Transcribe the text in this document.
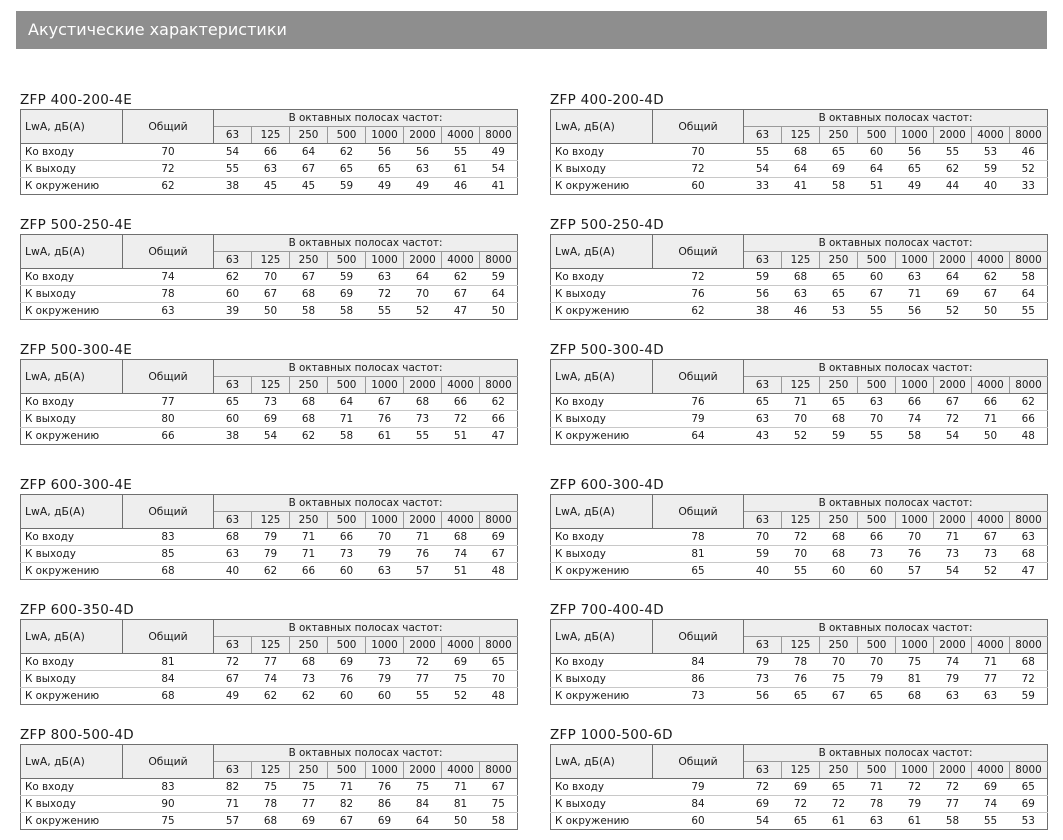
Акустические характеристики
ZFP 400-200-4E
LwA, дБ(A)	Общий	В октавных полосах частот:							
		63	125	250	500	1000	2000	4000	8000
Ко входу	70	54	66	64	62	56	56	55	49
К выходу	72	55	63	67	65	65	63	61	54
К окружению	62	38	45	45	59	49	49	46	41
ZFP 400-200-4D
LwA, дБ(A)	Общий	В октавных полосах частот:							
		63	125	250	500	1000	2000	4000	8000
Ко входу	70	55	68	65	60	56	55	53	46
К выходу	72	54	64	69	64	65	62	59	52
К окружению	60	33	41	58	51	49	44	40	33
ZFP 500-250-4E
LwA, дБ(A)	Общий	В октавных полосах частот:							
		63	125	250	500	1000	2000	4000	8000
Ко входу	74	62	70	67	59	63	64	62	59
К выходу	78	60	67	68	69	72	70	67	64
К окружению	63	39	50	58	58	55	52	47	50
ZFP 500-250-4D
LwA, дБ(A)	Общий	В октавных полосах частот:							
		63	125	250	500	1000	2000	4000	8000
Ко входу	72	59	68	65	60	63	64	62	58
К выходу	76	56	63	65	67	71	69	67	64
К окружению	62	38	46	53	55	56	52	50	55
ZFP 500-300-4E
LwA, дБ(A)	Общий	В октавных полосах частот:							
		63	125	250	500	1000	2000	4000	8000
Ко входу	77	65	73	68	64	67	68	66	62
К выходу	80	60	69	68	71	76	73	72	66
К окружению	66	38	54	62	58	61	55	51	47
ZFP 500-300-4D
LwA, дБ(A)	Общий	В октавных полосах частот:							
		63	125	250	500	1000	2000	4000	8000
Ко входу	76	65	71	65	63	66	67	66	62
К выходу	79	63	70	68	70	74	72	71	66
К окружению	64	43	52	59	55	58	54	50	48
ZFP 600-300-4E
LwA, дБ(A)	Общий	В октавных полосах частот:							
		63	125	250	500	1000	2000	4000	8000
Ко входу	83	68	79	71	66	70	71	68	69
К выходу	85	63	79	71	73	79	76	74	67
К окружению	68	40	62	66	60	63	57	51	48
ZFP 600-300-4D
LwA, дБ(A)	Общий	В октавных полосах частот:							
		63	125	250	500	1000	2000	4000	8000
Ко входу	78	70	72	68	66	70	71	67	63
К выходу	81	59	70	68	73	76	73	73	68
К окружению	65	40	55	60	60	57	54	52	47
ZFP 600-350-4D
LwA, дБ(A)	Общий	В октавных полосах частот:							
		63	125	250	500	1000	2000	4000	8000
Ко входу	81	72	77	68	69	73	72	69	65
К выходу	84	67	74	73	76	79	77	75	70
К окружению	68	49	62	62	60	60	55	52	48
ZFP 700-400-4D
LwA, дБ(A)	Общий	В октавных полосах частот:							
		63	125	250	500	1000	2000	4000	8000
Ко входу	84	79	78	70	70	75	74	71	68
К выходу	86	73	76	75	79	81	79	77	72
К окружению	73	56	65	67	65	68	63	63	59
ZFP 800-500-4D
LwA, дБ(A)	Общий	В октавных полосах частот:							
		63	125	250	500	1000	2000	4000	8000
Ко входу	83	82	75	75	71	76	75	71	67
К выходу	90	71	78	77	82	86	84	81	75
К окружению	75	57	68	69	67	69	64	50	58
ZFP 1000-500-6D
LwA, дБ(A)	Общий	В октавных полосах частот:							
		63	125	250	500	1000	2000	4000	8000
Ко входу	79	72	69	65	71	72	72	69	65
К выходу	84	69	72	72	78	79	77	74	69
К окружению	60	54	65	61	63	61	58	55	53
